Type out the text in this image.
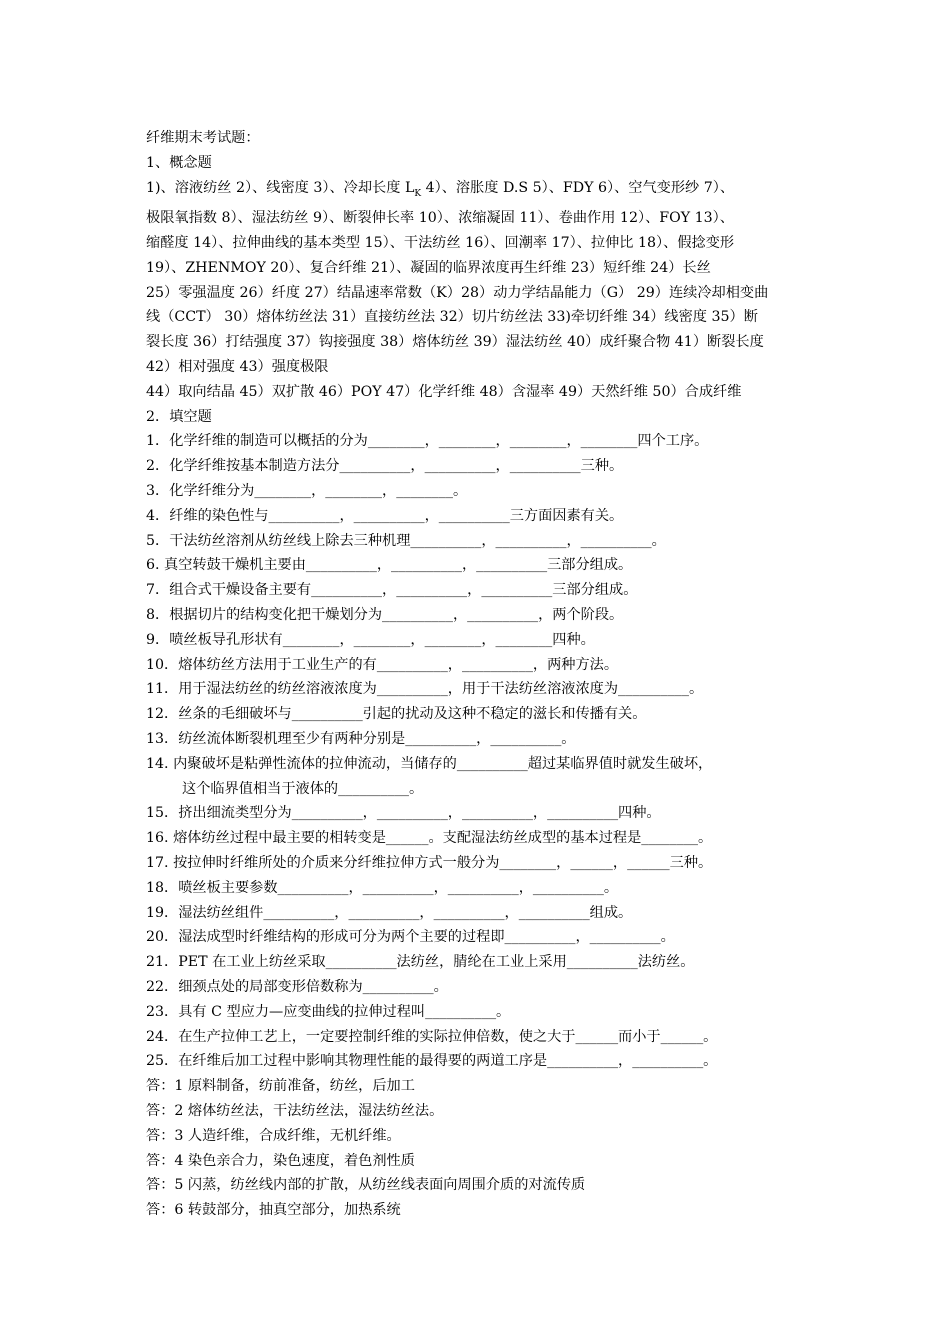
纤维期末考试题：
1、概念题
1)、溶液纺丝 2）、线密度 3）、冷却长度 $L_K$ 4）、溶胀度 D.S 5）、FDY 6）、空气变形纱 7）、
极限氧指数 8）、湿法纺丝 9）、断裂伸长率 10）、浓缩凝固 11）、卷曲作用 12）、FOY 13）、
缩醛度 14）、拉伸曲线的基本类型 15）、干法纺丝 16）、回潮率 17）、拉伸比 18）、假捻变形
19）、ZHENMOY 20）、复合纤维 21）、凝固的临界浓度再生纤维 23）短纤维 24）长丝
25）零强温度 26）纤度 27）结晶速率常数（K）28）动力学结晶能力（G） 29）连续冷却相变曲
线（CCT） 30）熔体纺丝法 31）直接纺丝法 32）切片纺丝法 33)牵切纤维 34）线密度 35）断
裂长度 36）打结强度 37）钩接强度 38）熔体纺丝 39）湿法纺丝 40）成纤聚合物 41）断裂长度
42）相对强度 43）强度极限
44）取向结晶 45）双扩散 46）POY 47）化学纤维 48）含湿率 49）天然纤维 50）合成纤维
2．填空题
1．化学纤维的制造可以概括的分为________，________，________，________四个工序。
2．化学纤维按基本制造方法分__________，__________，__________三种。
3．化学纤维分为________，________，________。
4．纤维的染色性与__________，__________，__________三方面因素有关。
5．干法纺丝溶剂从纺丝线上除去三种机理__________，__________，__________。
6. 真空转鼓干燥机主要由__________，__________，__________三部分组成。
7．组合式干燥设备主要有__________，__________，__________三部分组成。
8．根据切片的结构变化把干燥划分为__________，__________，两个阶段。
9．喷丝板导孔形状有________，________，________，________四种。
10．熔体纺丝方法用于工业生产的有__________，__________，两种方法。
11．用于湿法纺丝的纺丝溶液浓度为__________，用于干法纺丝溶液浓度为__________。
12．丝条的毛细破坏与__________引起的扰动及这种不稳定的滋长和传播有关。
13．纺丝流体断裂机理至少有两种分别是__________，__________。
14. 内聚破坏是粘弹性流体的拉伸流动，当储存的__________超过某临界值时就发生破坏，
这个临界值相当于液体的__________。
15．挤出细流类型分为__________，__________，__________，__________四种。
16. 熔体纺丝过程中最主要的相转变是______。支配湿法纺丝成型的基本过程是________。
17. 按拉伸时纤维所处的介质来分纤维拉伸方式一般分为________，______，______三种。
18．喷丝板主要参数__________，__________，__________，__________。
19．湿法纺丝组件__________，__________，__________，__________组成。
20．湿法成型时纤维结构的形成可分为两个主要的过程即__________，__________。
21．PET 在工业上纺丝采取__________法纺丝，腈纶在工业上采用__________法纺丝。
22．细颈点处的局部变形倍数称为__________。
23．具有 C 型应力—应变曲线的拉伸过程叫__________。
24．在生产拉伸工艺上，一定要控制纤维的实际拉伸倍数，使之大于______而小于______。
25．在纤维后加工过程中影响其物理性能的最得要的两道工序是__________，__________。
答：1 原料制备，纺前准备，纺丝，后加工
答：2 熔体纺丝法，干法纺丝法，湿法纺丝法。
答：3 人造纤维，合成纤维，无机纤维。
答：4 染色亲合力，染色速度，着色剂性质
答：5 闪蒸，纺丝线内部的扩散，从纺丝线表面向周围介质的对流传质
答：6 转鼓部分，抽真空部分，加热系统
